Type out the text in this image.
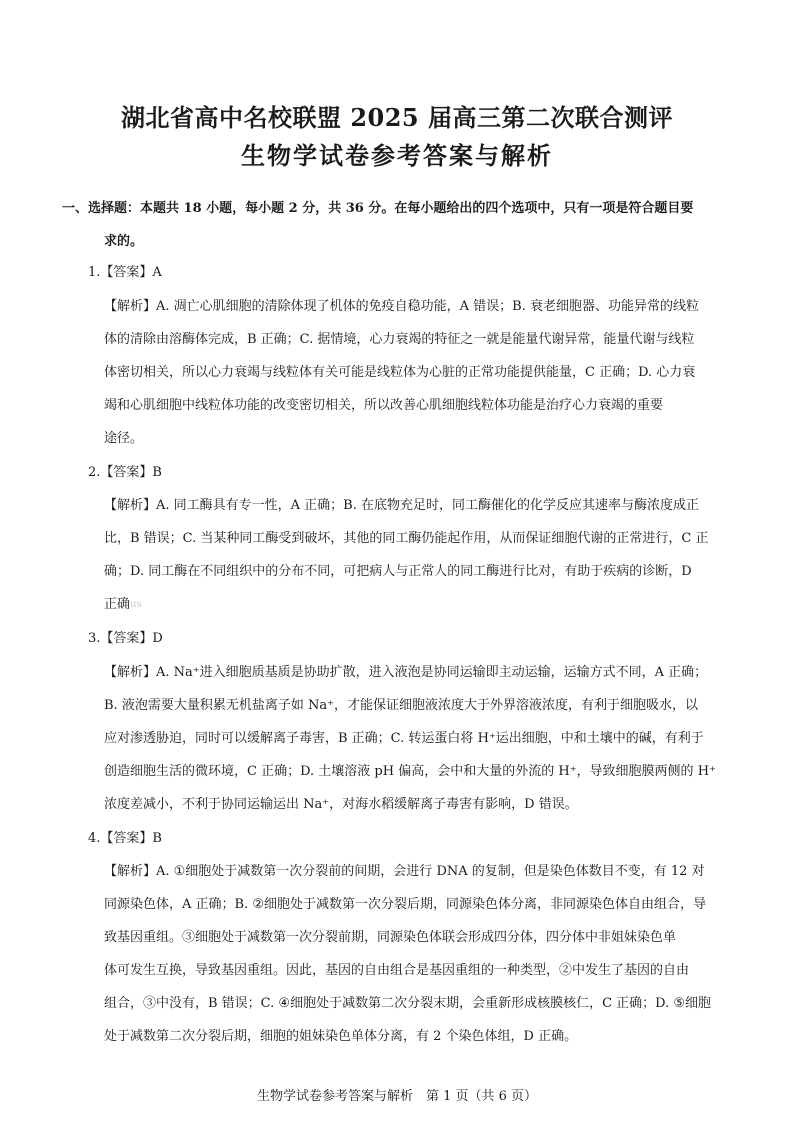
湖北省高中名校联盟 2025 届高三第二次联合测评
生物学试卷参考答案与解析
一、选择题：本题共 18 小题，每小题 2 分，共 36 分。在每小题给出的四个选项中，只有一项是符合题目要
求的。
1.【答案】A
【解析】A. 凋亡心肌细胞的清除体现了机体的免疫自稳功能，A 错误；B. 衰老细胞器、功能异常的线粒
体的清除由溶酶体完成，B 正确；C. 据情境，心力衰竭的特征之一就是能量代谢异常，能量代谢与线粒
体密切相关，所以心力衰竭与线粒体有关可能是线粒体为心脏的正常功能提供能量，C 正确；D. 心力衰
竭和心肌细胞中线粒体功能的改变密切相关，所以改善心肌细胞线粒体功能是治疗心力衰竭的重要
途径。
2.【答案】B
【解析】A. 同工酶具有专一性，A 正确；B. 在底物充足时，同工酶催化的化学反应其速率与酶浓度成正
比，B 错误；C. 当某种同工酶受到破坏，其他的同工酶仍能起作用，从而保证细胞代谢的正常进行，C 正
确；D. 同工酶在不同组织中的分布不同，可把病人与正常人的同工酶进行比对，有助于疾病的诊断，D
正确$^{us}$
3.【答案】D
【解析】A. Na⁺进入细胞质基质是协助扩散，进入液泡是协同运输即主动运输，运输方式不同，A 正确；
B. 液泡需要大量积累无机盐离子如 Na⁺，才能保证细胞液浓度大于外界溶液浓度，有利于细胞吸水，以
应对渗透胁迫，同时可以缓解离子毒害，B 正确；C. 转运蛋白将 H⁺运出细胞，中和土壤中的碱，有利于
创造细胞生活的微环境，C 正确；D. 土壤溶液 pH 偏高，会中和大量的外流的 H⁺，导致细胞膜两侧的 H⁺
浓度差减小，不利于协同运输运出 Na⁺，对海水稻缓解离子毒害有影响，D 错误。
4.【答案】B
【解析】A. ①细胞处于减数第一次分裂前的间期，会进行 DNA 的复制，但是染色体数目不变，有 12 对
同源染色体，A 正确；B. ②细胞处于减数第一次分裂后期，同源染色体分离，非同源染色体自由组合，导
致基因重组。③细胞处于减数第一次分裂前期，同源染色体联会形成四分体，四分体中非姐妹染色单
体可发生互换，导致基因重组。因此，基因的自由组合是基因重组的一种类型，②中发生了基因的自由
组合，③中没有，B 错误；C. ④细胞处于减数第二次分裂末期，会重新形成核膜核仁，C 正确；D. ⑤细胞
处于减数第二次分裂后期，细胞的姐妹染色单体分离，有 2 个染色体组，D 正确。
生物学试卷参考答案与解析　第 1 页（共 6 页）
